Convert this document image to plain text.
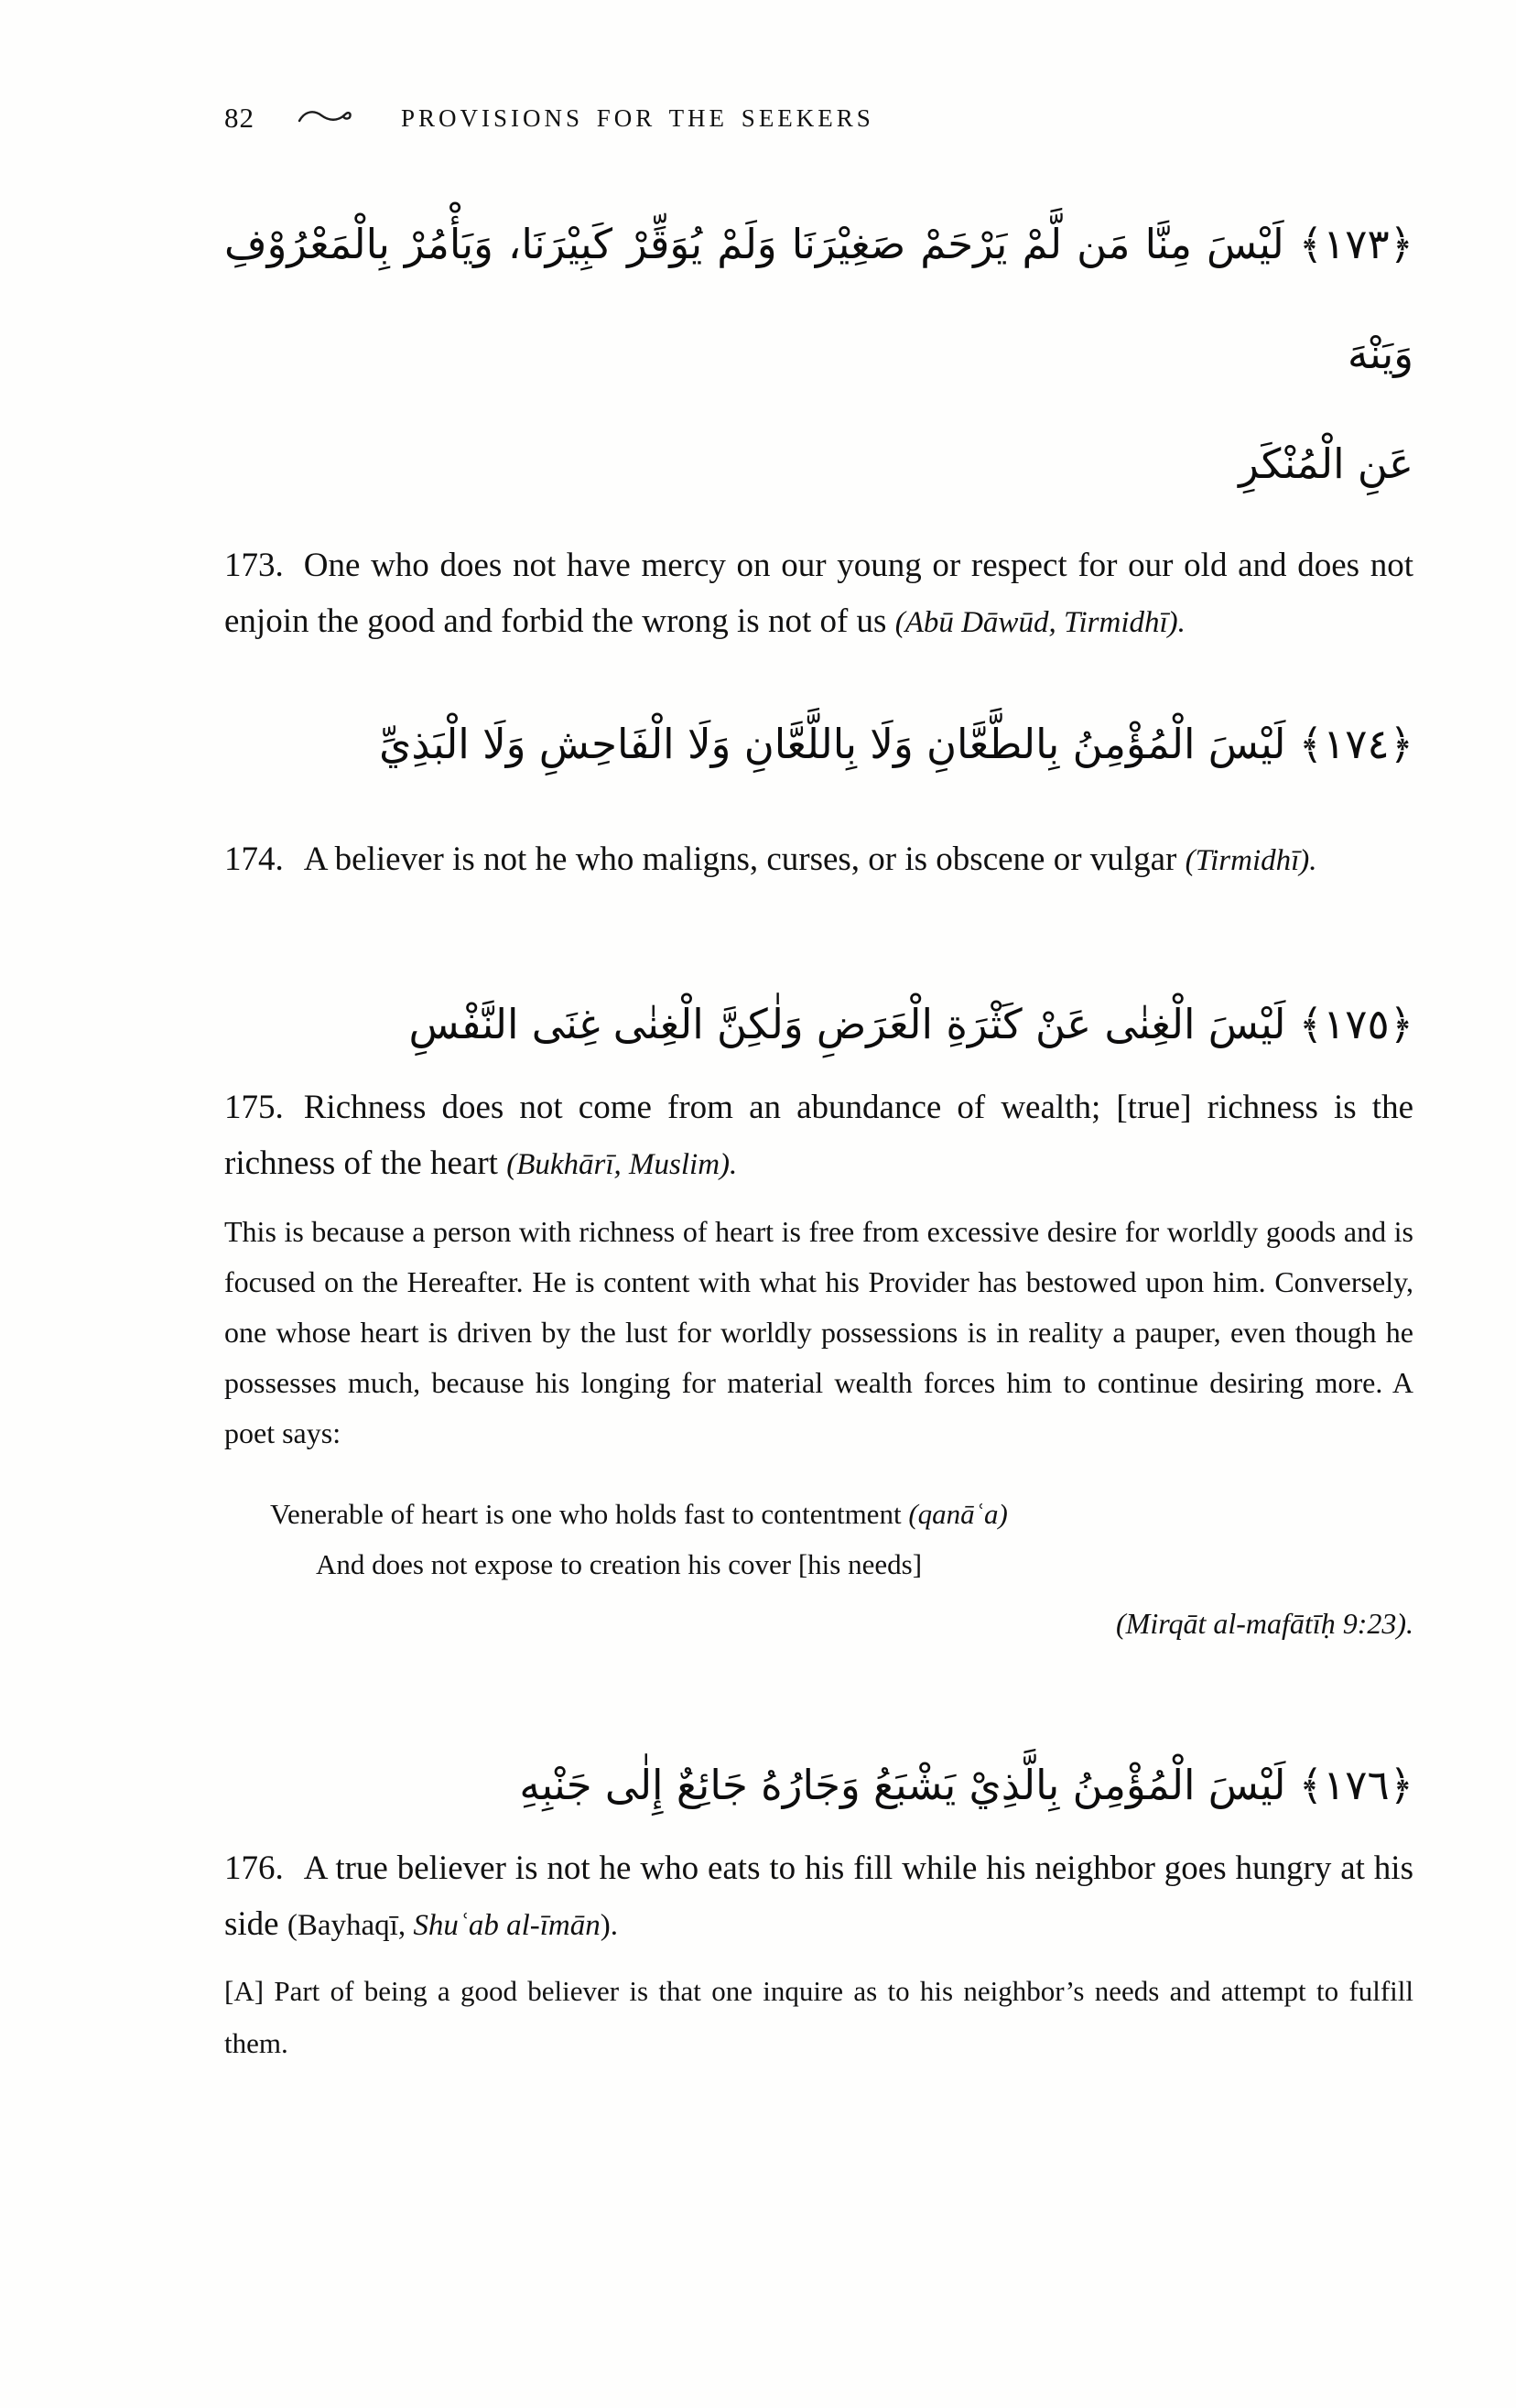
82	PROVISIONS FOR THE SEEKERS
﴿١٧٣﴾ لَيْسَ مِنَّا مَن لَّمْ يَرْحَمْ صَغِيْرَنَا وَلَمْ يُوَقِّرْ كَبِيْرَنَا، وَيَأْمُرْ بِالْمَعْرُوْفِ وَيَنْهَ
عَنِ الْمُنْكَرِ

173. One who does not have mercy on our young or respect for our old and does not enjoin the good and forbid the wrong is not of us (Abū Dāwūd, Tirmidhī).

﴿١٧٤﴾ لَيْسَ الْمُؤْمِنُ بِالطَّعَّانِ وَلَا بِاللَّعَّانِ وَلَا الْفَاحِشِ وَلَا الْبَذِيِّ

174. A believer is not he who maligns, curses, or is obscene or vulgar (Tirmidhī).

﴿١٧٥﴾ لَيْسَ الْغِنٰى عَنْ كَثْرَةِ الْعَرَضِ وَلٰكِنَّ الْغِنٰى غِنَى النَّفْسِ

175. Richness does not come from an abundance of wealth; [true] richness is the richness of the heart (Bukhārī, Muslim).

This is because a person with richness of heart is free from excessive desire for worldly goods and is focused on the Hereafter. He is content with what his Provider has bestowed upon him. Conversely, one whose heart is driven by the lust for worldly possessions is in reality a pauper, even though he possesses much, because his longing for material wealth forces him to continue desiring more. A poet says:

Venerable of heart is one who holds fast to contentment (qanāʿa)
And does not expose to creation his cover [his needs]
(Mirqāt al-mafātīḥ 9:23).
﴿١٧٦﴾ لَيْسَ الْمُؤْمِنُ بِالَّذِيْ يَشْبَعُ وَجَارُهُ جَائِعٌ إِلٰى جَنْبِهِ

176. A true believer is not he who eats to his fill while his neighbor goes hungry at his side (Bayhaqī, Shuʿab al-īmān).

[A] Part of being a good believer is that one inquire as to his neighbor’s needs and attempt to fulfill them.
